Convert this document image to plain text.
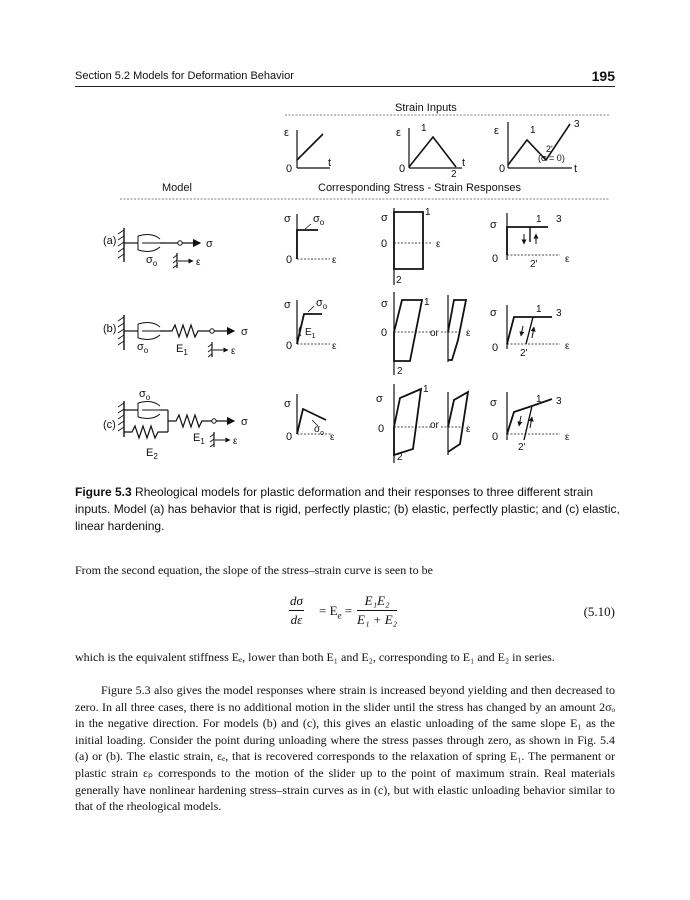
Section 5.2 Models for Deformation Behavior	195
Strain Inputs
ε
0	t
ε 1
0	2
t
ε	1
3
2'
(σ = 0)
0	t
Model	Corresponding Stress - Strain Responses
(a)	σ
$\sigma_o$	ε
σ $\sigma_o$
0	ε
σ	1
0	ε
2
σ	1 3
0	2'	ε
(b)	σ
$\sigma_o$	$E_1$	ε
σ $\sigma_o$
$E_1$
0	ε
σ	1
0
2
or	ε
σ	1 3
0 2'
ε
(c)
$\sigma_o$
σ
$E_1$
$E_2$
ε
σ
$\sigma_o$
0	ε
σ
1
0
2
or	ε
σ	1 3
0
2'
ε
Figure 5.3 Rheological models for plastic deformation and their responses to three different strain inputs. Model (a) has behavior that is rigid, perfectly plastic; (b) elastic, perfectly plastic; and (c) elastic, linear hardening.
From the second equation, the slope of the stress–strain curve is seen to be
$\frac{d\sigma}{d\varepsilon} = E_e = \frac{\text{E₁E₂}}{\text{E₁ + E₂}}$	(5.10)
which is the equivalent stiffness Eₑ, lower than both E₁ and E₂, corresponding to E₁ and E₂ in series.
Figure 5.3 also gives the model responses where strain is increased beyond yielding and then decreased to zero. In all three cases, there is no additional motion in the slider until the stress has changed by an amount 2σₒ in the negative direction. For models (b) and (c), this gives an elastic unloading of the same slope E₁ as the initial loading. Consider the point during unloading where the stress passes through zero, as shown in Fig. 5.4 (a) or (b). The elastic strain, εₑ, that is recovered corresponds to the relaxation of spring E₁. The permanent or plastic strain εₚ corresponds to the motion of the slider up to the point of maximum strain. Real materials generally have nonlinear hardening stress–strain curves as in (c), but with elastic unloading behavior similar to that of the rheological models.
